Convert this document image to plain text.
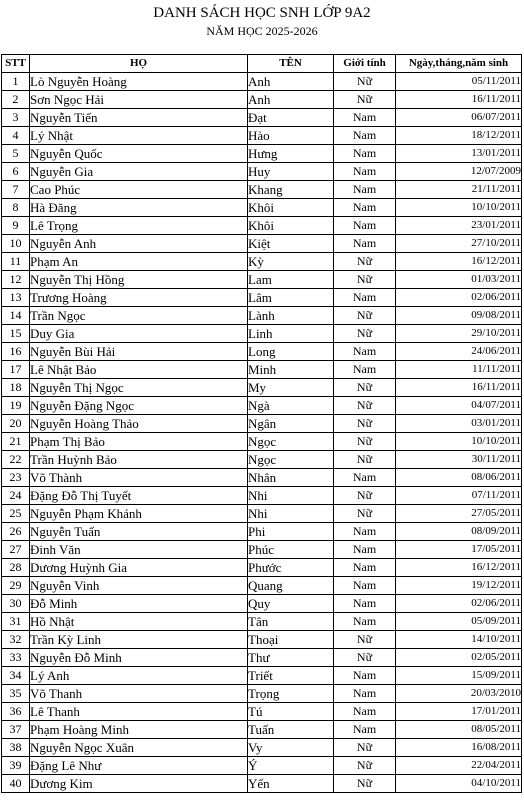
DANH SÁCH HỌC SNH LỚP 9A2
NĂM HỌC 2025-2026
STT	HỌ	TÊN	Giới tính	Ngày,tháng,năm sinh
1	Lò Nguyễn Hoàng	Anh	Nữ	05/11/2011
2	Sơn Ngọc Hải	Anh	Nữ	16/11/2011
3	Nguyễn Tiến	Đạt	Nam	06/07/2011
4	Lý Nhật	Hào	Nam	18/12/2011
5	Nguyễn Quốc	Hưng	Nam	13/01/2011
6	Nguyễn Gia	Huy	Nam	12/07/2009
7	Cao Phúc	Khang	Nam	21/11/2011
8	Hà Đăng	Khôi	Nam	10/10/2011
9	Lê Trọng	Khôi	Nam	23/01/2011
10	Nguyễn Anh	Kiệt	Nam	27/10/2011
11	Phạm An	Kỳ	Nữ	16/12/2011
12	Nguyễn Thị Hồng	Lam	Nữ	01/03/2011
13	Trương Hoàng	Lâm	Nam	02/06/2011
14	Trần Ngọc	Lành	Nữ	09/08/2011
15	Duy Gia	Linh	Nữ	29/10/2011
16	Nguyễn Bùi Hải	Long	Nam	24/06/2011
17	Lê Nhật Bảo	Minh	Nam	11/11/2011
18	Nguyễn Thị Ngọc	My	Nữ	16/11/2011
19	Nguyễn Đặng Ngọc	Ngà	Nữ	04/07/2011
20	Nguyễn Hoàng Thảo	Ngân	Nữ	03/01/2011
21	Phạm Thị Bảo	Ngọc	Nữ	10/10/2011
22	Trần Huỳnh Bảo	Ngọc	Nữ	30/11/2011
23	Võ Thành	Nhân	Nam	08/06/2011
24	Đặng Đỗ Thị Tuyết	Nhi	Nữ	07/11/2011
25	Nguyễn Phạm Khánh	Nhi	Nữ	27/05/2011
26	Nguyễn Tuấn	Phi	Nam	08/09/2011
27	Đinh Văn	Phúc	Nam	17/05/2011
28	Dương Huỳnh Gia	Phước	Nam	16/12/2011
29	Nguyễn Vinh	Quang	Nam	19/12/2011
30	Đỗ Minh	Quy	Nam	02/06/2011
31	Hồ Nhật	Tân	Nam	05/09/2011
32	Trần Kỳ Linh	Thoại	Nữ	14/10/2011
33	Nguyễn Đỗ Minh	Thư	Nữ	02/05/2011
34	Lý Anh	Triết	Nam	15/09/2011
35	Võ Thanh	Trọng	Nam	20/03/2010
36	Lê Thanh	Tú	Nam	17/01/2011
37	Phạm Hoàng Minh	Tuấn	Nam	08/05/2011
38	Nguyễn Ngọc Xuân	Vy	Nữ	16/08/2011
39	Đặng Lê Như	Ý	Nữ	22/04/2011
40	Dương Kim	Yến	Nữ	04/10/2011
